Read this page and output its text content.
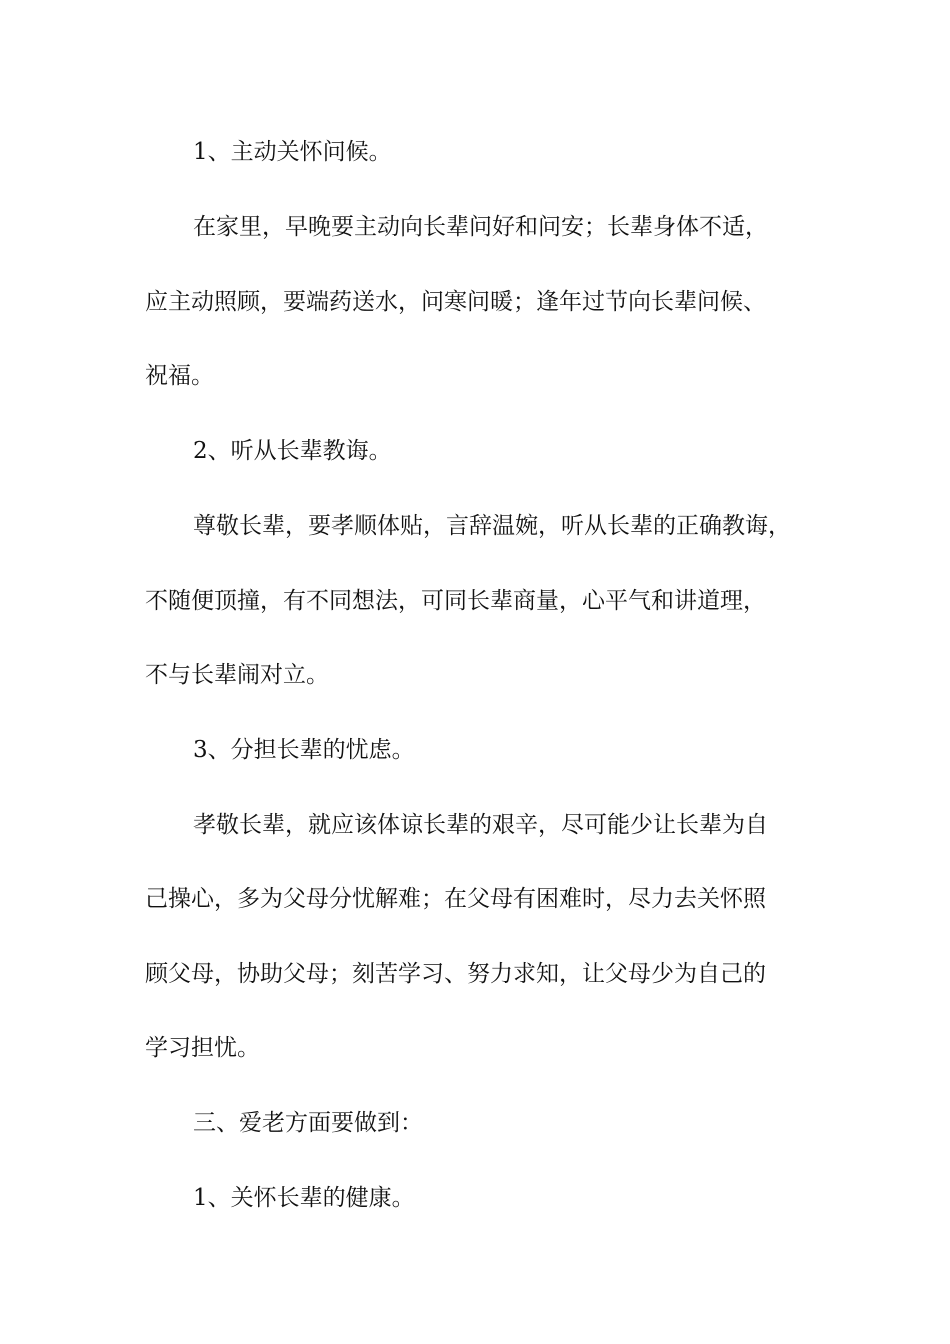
1、主动关怀问候。
在家里，早晚要主动向长辈问好和问安；长辈身体不适，
应主动照顾，要端药送水，问寒问暖；逢年过节向长辈问候、
祝福。
2、听从长辈教诲。
尊敬长辈，要孝顺体贴，言辞温婉，听从长辈的正确教诲，
不随便顶撞，有不同想法，可同长辈商量，心平气和讲道理，
不与长辈闹对立。
3、分担长辈的忧虑。
孝敬长辈，就应该体谅长辈的艰辛，尽可能少让长辈为自
己操心，多为父母分忧解难；在父母有困难时，尽力去关怀照
顾父母，协助父母；刻苦学习、努力求知，让父母少为自己的
学习担忧。
三、爱老方面要做到：
1、关怀长辈的健康。
